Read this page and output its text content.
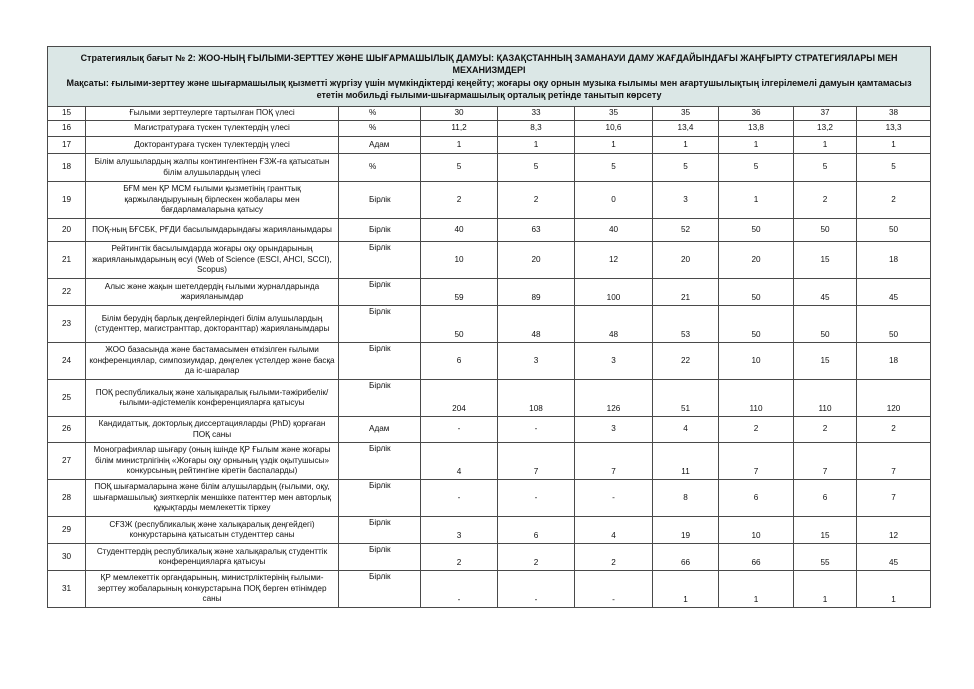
Стратегиялық бағыт № 2: ЖОО-НЫҢ ҒЫЛЫМИ-ЗЕРТТЕУ ЖӘНЕ ШЫҒАРМАШЫЛЫҚ ДАМУЫ: ҚАЗАҚСТАННЫҢ ЗАМАНАУИ ДАМУ ЖАҒДАЙЫНДАҒЫ ЖАҢҒЫРТУ СТРАТЕГИЯЛАРЫ МЕН МЕХАНИЗМДЕРІ
Мақсаты: ғылыми-зерттеу және шығармашылық қызметті жүргізу үшін мүмкіндіктерді кеңейту; жоғары оқу орнын музыка ғылымы мен ағартушылықтың ілгерілемелі дамуын қамтамасыз ететін мобильді ғылыми-шығармашылық орталық ретінде танытып көрсету									

15	Ғылыми зерттеулерге тартылған ПОҚ үлесі	%	30	33	35	35	36	37	38
16	Магистратураға түскен түлектердің үлесі	%	11,2	8,3	10,6	13,4	13,8	13,2	13,3
17	Докторантураға түскен түлектердің үлесі	Адам	1	1	1	1	1	1	1
18	Білім алушылардың жалпы контингентінен ҒЗЖ-ға қатысатын білім алушылардың үлесі	%	5	5	5	5	5	5	5
19	БҒМ мен ҚР МСМ ғылыми қызметінің гранттық қаржыландыруының бірлескен жобалары мен бағдарламаларына қатысу	Бірлік	2	2	0	3	1	2	2
20	ПОҚ-ның БҒСБК, РҒДИ басылымдарындағы жарияланымдары	Бірлік	40	63	40	52	50	50	50
21	Рейтингтік басылымдарда жоғары оқу орындарының жарияланымдарының өсуі (Web of Science (ESCI, AHCI, SCCI), Scopus)	Бірлік	10	20	12	20	20	15	18
22	Алыс және жақын шетелдердің ғылыми журналдарында жарияланымдар	Бірлік	59	89	100	21	50	45	45
23	Білім берудің барлық деңгейлеріндегі білім алушылардың (студенттер, магистранттар, докторанттар) жарияланымдары	Бірлік	50	48	48	53	50	50	50
24	ЖОО базасында және бастамасымен өткізілген ғылыми конференциялар, симпозиумдар, дөңгелек үстелдер және басқа да іс-шаралар	Бірлік	6	3	3	22	10	15	18
25	ПОҚ республикалық және халықаралық ғылыми-тәжірибелік/ғылыми-әдістемелік конференцияларға қатысуы	Бірлік	204	108	126	51	110	110	120
26	Кандидаттық, докторлық диссертацияларды (PhD) қорғаған ПОҚ саны	Адам	-	-	3	4	2	2	2
27	Монографиялар шығару (оның ішінде ҚР Ғылым және жоғары білім министрлігінің «Жоғары оқу орнының үздік оқытушысы» конкурсының рейтингіне кіретін баспаларды)	Бірлік	4	7	7	11	7	7	7
28	ПОҚ шығармаларына және білім алушылардың (ғылыми, оқу, шығармашылық) зияткерлік меншікке патенттер мен авторлық құқықтарды мемлекеттік тіркеу	Бірлік	-	-	-	8	6	6	7
29	СҒЗЖ (республикалық және халықаралық деңгейдегі) конкурстарына қатысатын студенттер саны	Бірлік	3	6	4	19	10	15	12
30	Студенттердің республикалық және халықаралық студенттік конференцияларға қатысуы	Бірлік	2	2	2	66	66	55	45
31	ҚР мемлекеттік органдарының, министрліктерінің ғылыми-зерттеу жобаларының конкурстарына ПОҚ берген өтінімдер саны	Бірлік	-	-	-	1	1	1	1
